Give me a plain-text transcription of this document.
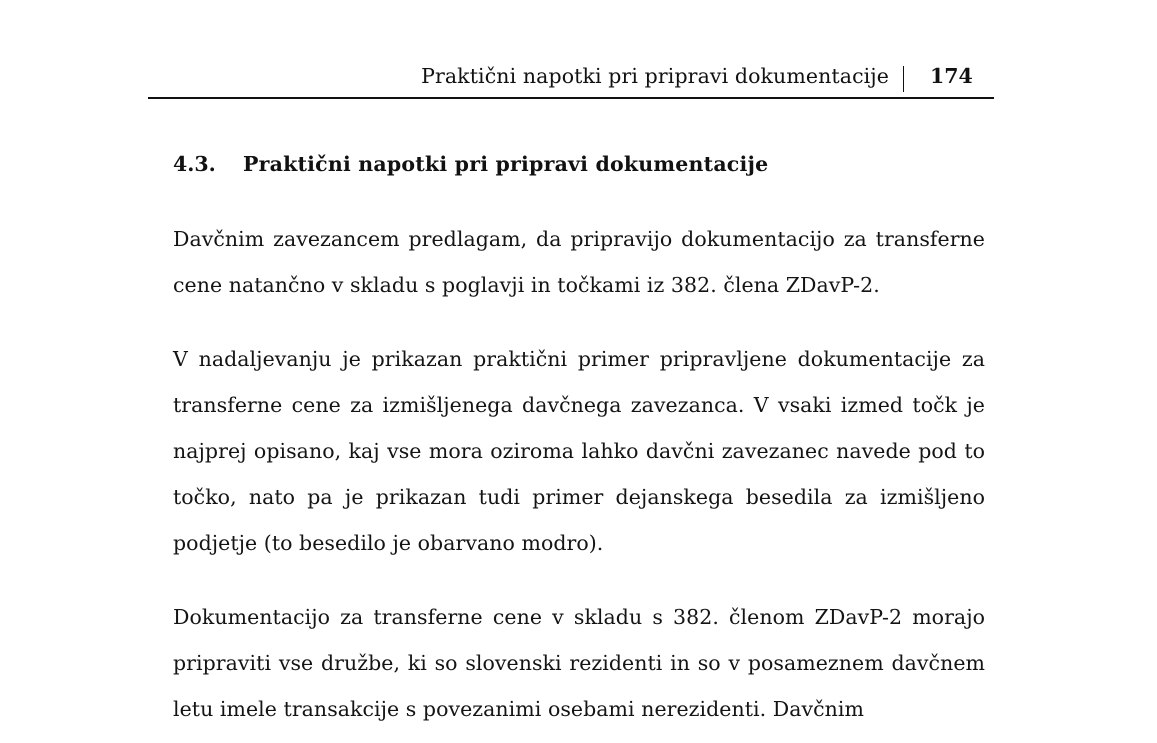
Praktični napotki pri pripravi dokumentacije 174
4.3.	Praktični napotki pri pripravi dokumentacije

Davčnim zavezancem predlagam, da pripravijo dokumentacijo za transferne cene natančno v skladu s poglavji in točkami iz 382. člena ZDavP-2.

V nadaljevanju je prikazan praktični primer pripravljene dokumentacije za transferne cene za izmišljenega davčnega zavezanca. V vsaki izmed točk je najprej opisano, kaj vse mora oziroma lahko davčni zavezanec navede pod to točko, nato pa je prikazan tudi primer dejanskega besedila za izmišljeno podjetje (to besedilo je obarvano modro).

Dokumentacijo za transferne cene v skladu s 382. členom ZDavP-2 morajo pripraviti vse družbe, ki so slovenski rezidenti in so v posameznem davčnem letu imele transakcije s povezanimi osebami nerezidenti. Davčnim
